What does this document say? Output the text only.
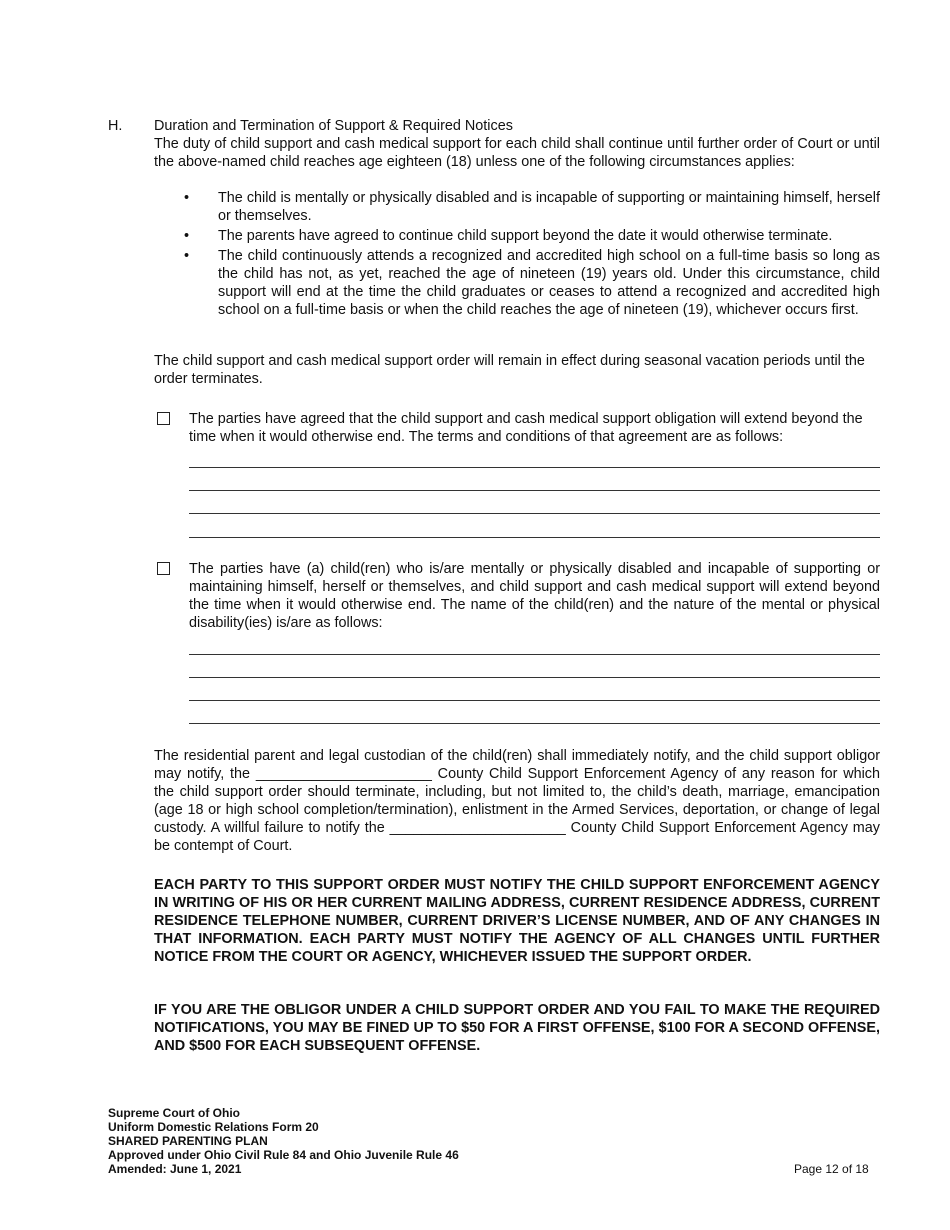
H. Duration and Termination of Support & Required Notices
The duty of child support and cash medical support for each child shall continue until further order of Court or until the above-named child reaches age eighteen (18) unless one of the following circumstances applies:
• The child is mentally or physically disabled and is incapable of supporting or maintaining himself, herself or themselves.
• The parents have agreed to continue child support beyond the date it would otherwise terminate.
• The child continuously attends a recognized and accredited high school on a full-time basis so long as the child has not, as yet, reached the age of nineteen (19) years old. Under this circumstance, child support will end at the time the child graduates or ceases to attend a recognized and accredited high school on a full-time basis or when the child reaches the age of nineteen (19), whichever occurs first.
The child support and cash medical support order will remain in effect during seasonal vacation periods until the order terminates.
The parties have agreed that the child support and cash medical support obligation will extend beyond the time when it would otherwise end. The terms and conditions of that agreement are as follows:
The parties have (a) child(ren) who is/are mentally or physically disabled and incapable of supporting or maintaining himself, herself or themselves, and child support and cash medical support will extend beyond the time when it would otherwise end. The name of the child(ren) and the nature of the mental or physical disability(ies) is/are as follows:
The residential parent and legal custodian of the child(ren) shall immediately notify, and the child support obligor may notify, the ______________________ County Child Support Enforcement Agency of any reason for which the child support order should terminate, including, but not limited to, the child’s death, marriage, emancipation (age 18 or high school completion/termination), enlistment in the Armed Services, deportation, or change of legal custody. A willful failure to notify the ______________________ County Child Support Enforcement Agency may be contempt of Court.
EACH PARTY TO THIS SUPPORT ORDER MUST NOTIFY THE CHILD SUPPORT ENFORCEMENT AGENCY IN WRITING OF HIS OR HER CURRENT MAILING ADDRESS, CURRENT RESIDENCE ADDRESS, CURRENT RESIDENCE TELEPHONE NUMBER, CURRENT DRIVER’S LICENSE NUMBER, AND OF ANY CHANGES IN THAT INFORMATION. EACH PARTY MUST NOTIFY THE AGENCY OF ALL CHANGES UNTIL FURTHER NOTICE FROM THE COURT OR AGENCY, WHICHEVER ISSUED THE SUPPORT ORDER.
IF YOU ARE THE OBLIGOR UNDER A CHILD SUPPORT ORDER AND YOU FAIL TO MAKE THE REQUIRED NOTIFICATIONS, YOU MAY BE FINED UP TO $50 FOR A FIRST OFFENSE, $100 FOR A SECOND OFFENSE, AND $500 FOR EACH SUBSEQUENT OFFENSE.
Supreme Court of Ohio
Uniform Domestic Relations Form 20
SHARED PARENTING PLAN
Approved under Ohio Civil Rule 84 and Ohio Juvenile Rule 46
Amended: June 1, 2021	Page 12 of 18
